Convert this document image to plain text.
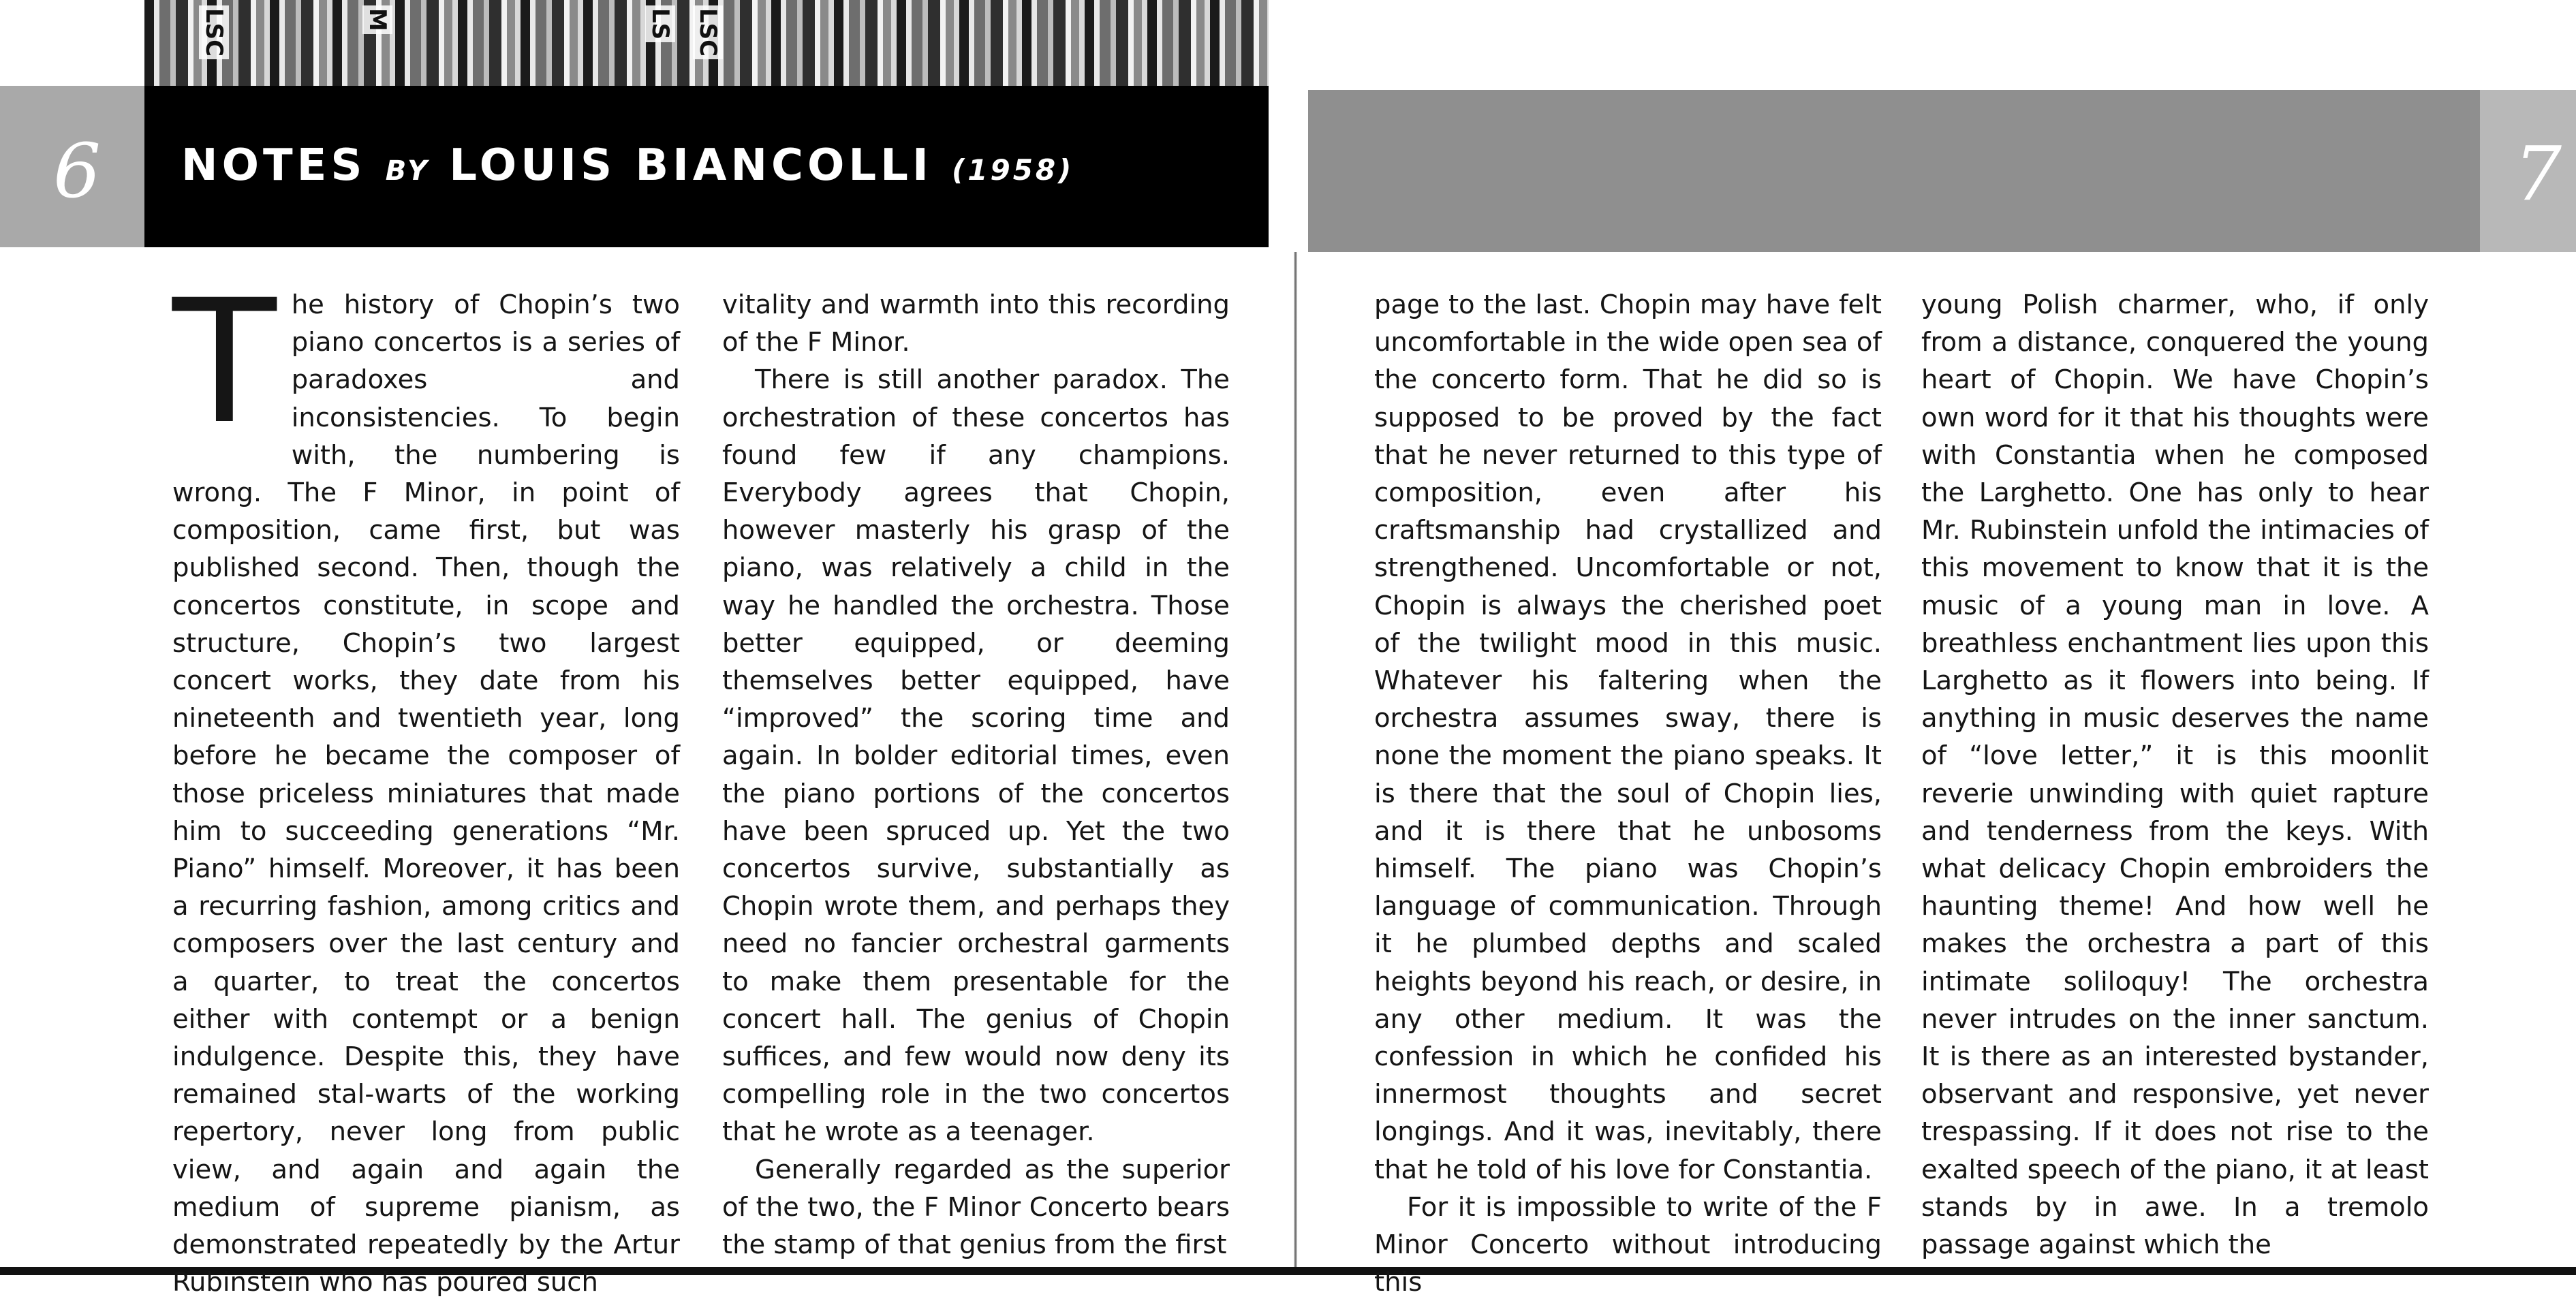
LSC	M	LS LSC
6	7
NOTES BY LOUIS BIANCOLLI (1958)
T he history of Chopin’s two piano concertos is a series of paradoxes and inconsistencies. To begin with, the numbering is wrong. The F Minor, in point of composition, came first, but was published second. Then, though the concertos constitute, in scope and structure, Chopin’s two largest concert works, they date from his nineteenth and twentieth year, long before he became the composer of those priceless miniatures that made him to succeeding generations “Mr. Piano” himself. Moreover, it has been a recurring fashion, among critics and composers over the last century and a quarter, to treat the concertos either with contempt or a benign indulgence. Despite this, they have remained stal-warts of the working repertory, never long from public view, and again and again the medium of supreme pianism, as demonstrated repeatedly by the Artur Rubinstein who has poured such

vitality and warmth into this recording of the F Minor.

There is still another paradox. The orchestration of these concertos has found few if any champions. Everybody agrees that Chopin, however masterly his grasp of the piano, was relatively a child in the way he handled the orchestra. Those better equipped, or deeming themselves better equipped, have “improved” the scoring time and again. In bolder editorial times, even the piano portions of the concertos have been spruced up. Yet the two concertos survive, substantially as Chopin wrote them, and perhaps they need no fancier orchestral garments to make them presentable for the concert hall. The genius of Chopin suffices, and few would now deny its compelling role in the two concertos that he wrote as a teenager.

Generally regarded as the superior of the two, the F Minor Concerto bears the stamp of that genius from the first

page to the last. Chopin may have felt uncomfortable in the wide open sea of the concerto form. That he did so is supposed to be proved by the fact that he never returned to this type of composition, even after his craftsmanship had crystallized and strengthened. Uncomfortable or not, Chopin is always the cherished poet of the twilight mood in this music. Whatever his faltering when the orchestra assumes sway, there is none the moment the piano speaks. It is there that the soul of Chopin lies, and it is there that he unbosoms himself. The piano was Chopin’s language of communication. Through it he plumbed depths and scaled heights beyond his reach, or desire, in any other medium. It was the confession in which he confided his innermost thoughts and secret longings. And it was, inevitably, there that he told of his love for Constantia.

For it is impossible to write of the F Minor Concerto without introducing this

young Polish charmer, who, if only from a distance, conquered the young heart of Chopin. We have Chopin’s own word for it that his thoughts were with Constantia when he composed the Larghetto. One has only to hear Mr. Rubinstein unfold the intimacies of this movement to know that it is the music of a young man in love. A breathless enchantment lies upon this Larghetto as it flowers into being. If anything in music deserves the name of “love letter,” it is this moonlit reverie unwinding with quiet rapture and tenderness from the keys. With what delicacy Chopin embroiders the haunting theme! And how well he makes the orchestra a part of this intimate soliloquy! The orchestra never intrudes on the inner sanctum. It is there as an interested bystander, observant and responsive, yet never trespassing. If it does not rise to the exalted speech of the piano, it at least stands by in awe. In a tremolo passage against which the
